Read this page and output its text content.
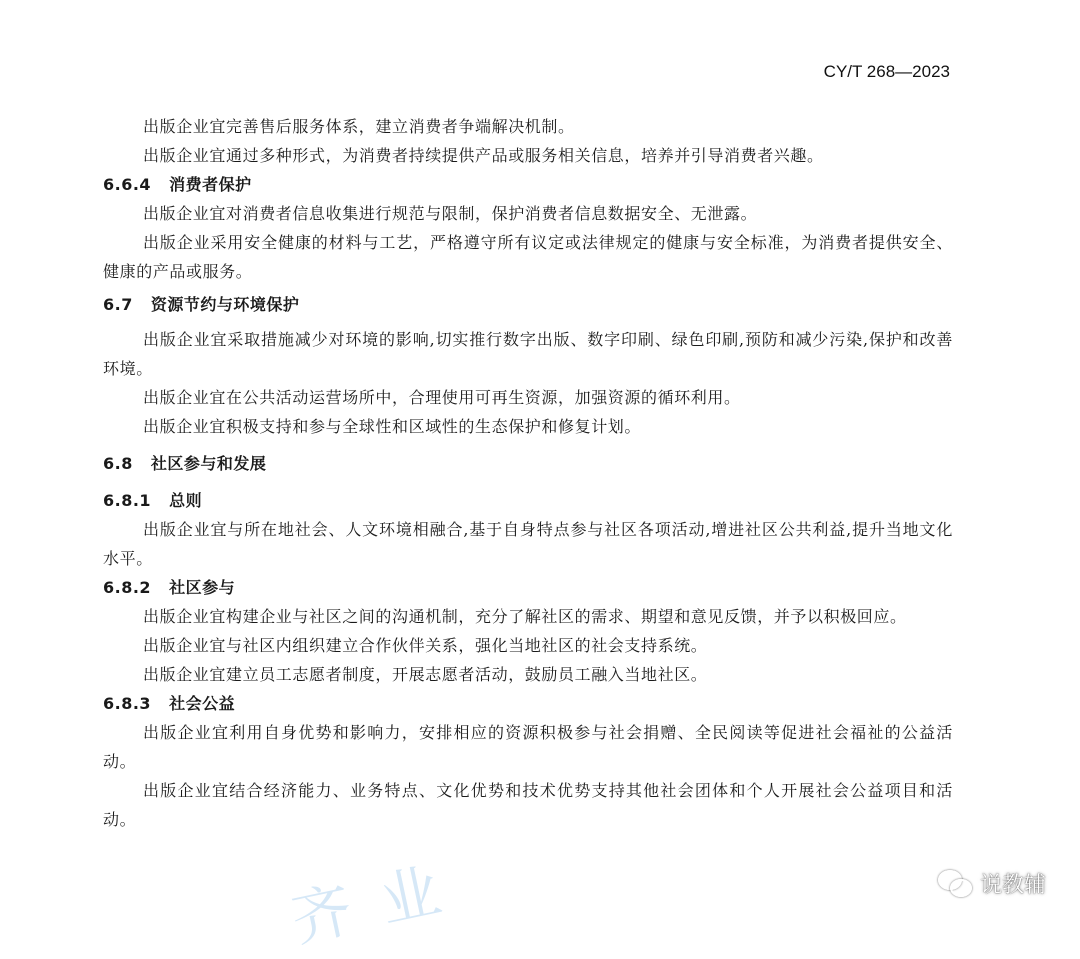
CY/T 268—2023

出版企业宜完善售后服务体系，建立消费者争端解决机制。

出版企业宜通过多种形式，为消费者持续提供产品或服务相关信息，培养并引导消费者兴趣。

6.6.4 消费者保护

出版企业宜对消费者信息收集进行规范与限制，保护消费者信息数据安全、无泄露。

出版企业采用安全健康的材料与工艺，严格遵守所有议定或法律规定的健康与安全标准，为消费者提供安全、健康的产品或服务。

6.7 资源节约与环境保护

出版企业宜采取措施减少对环境的影响,切实推行数字出版、数字印刷、绿色印刷,预防和减少污染,保护和改善环境。

出版企业宜在公共活动运营场所中，合理使用可再生资源，加强资源的循环利用。

出版企业宜积极支持和参与全球性和区域性的生态保护和修复计划。

6.8 社区参与和发展
6.8.1 总则

出版企业宜与所在地社会、人文环境相融合,基于自身特点参与社区各项活动,增进社区公共利益,提升当地文化水平。

6.8.2 社区参与

出版企业宜构建企业与社区之间的沟通机制，充分了解社区的需求、期望和意见反馈，并予以积极回应。

出版企业宜与社区内组织建立合作伙伴关系，强化当地社区的社会支持系统。

出版企业宜建立员工志愿者制度，开展志愿者活动，鼓励员工融入当地社区。

6.8.3 社会公益

出版企业宜利用自身优势和影响力，安排相应的资源积极参与社会捐赠、全民阅读等促进社会福祉的公益活动。

出版企业宜结合经济能力、业务特点、文化优势和技术优势支持其他社会团体和个人开展社会公益项目和活动。

齐业	说教辅
